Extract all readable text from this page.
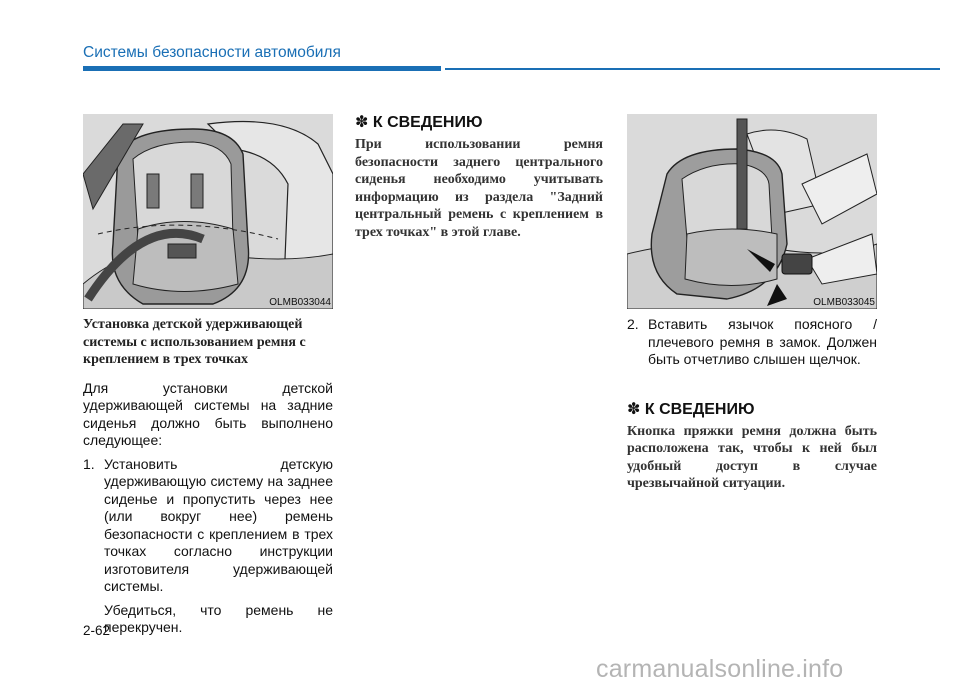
Системы безопасности автомобиля
OLMB033044	OLMB033045
Установка детской удерживающей системы с использованием ремня с креплением в трех точках
Для установки детской удерживающей системы на задние сиденья должно быть выполнено следующее:
1. Установить детскую удерживающую систему на заднее сиденье и пропустить через нее (или вокруг нее) ремень безопасности с креплением в трех точках согласно инструкции изготовителя удерживающей системы.
Убедиться, что ремень не перекручен.
✽ К СВЕДЕНИЮ
При использовании ремня безопасности заднего центрального сиденья необходимо учитывать информацию из раздела "Задний центральный ремень с креплением в трех точках" в этой главе.
2. Вставить язычок поясного / плечевого ремня в замок. Должен быть отчетливо слышен щелчок.
✽ К СВЕДЕНИЮ
Кнопка пряжки ремня должна быть расположена так, чтобы к ней был удобный доступ в случае чрезвычайной ситуации.
2-62
carmanualsonline.info
